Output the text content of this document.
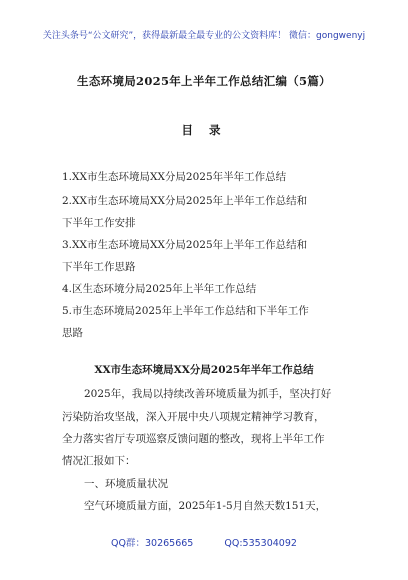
关注头条号“公文研究”，获得最新最全最专业的公文资料库！ 微信：gongwenyj
生态环境局2025年上半年工作总结汇编（5篇）
目 录
1.XX市生态环境局XX分局2025年半年工作总结
2.XX市生态环境局XX分局2025年上半年工作总结和
下半年工作安排
3.XX市生态环境局XX分局2025年上半年工作总结和
下半年工作思路
4.区生态环境分局2025年上半年工作总结
5.市生态环境局2025年上半年工作总结和下半年工作
思路
XX市生态环境局XX分局2025年半年工作总结
2025年，我局以持续改善环境质量为抓手，坚决打好
污染防治攻坚战，深入开展中央八项规定精神学习教育，
全力落实省厅专项巡察反馈问题的整改，现将上半年工作
情况汇报如下：
一、环境质量状况
空气环境质量方面，2025年1-5月自然天数151天，
QQ群：30265665	QQ:535304092
